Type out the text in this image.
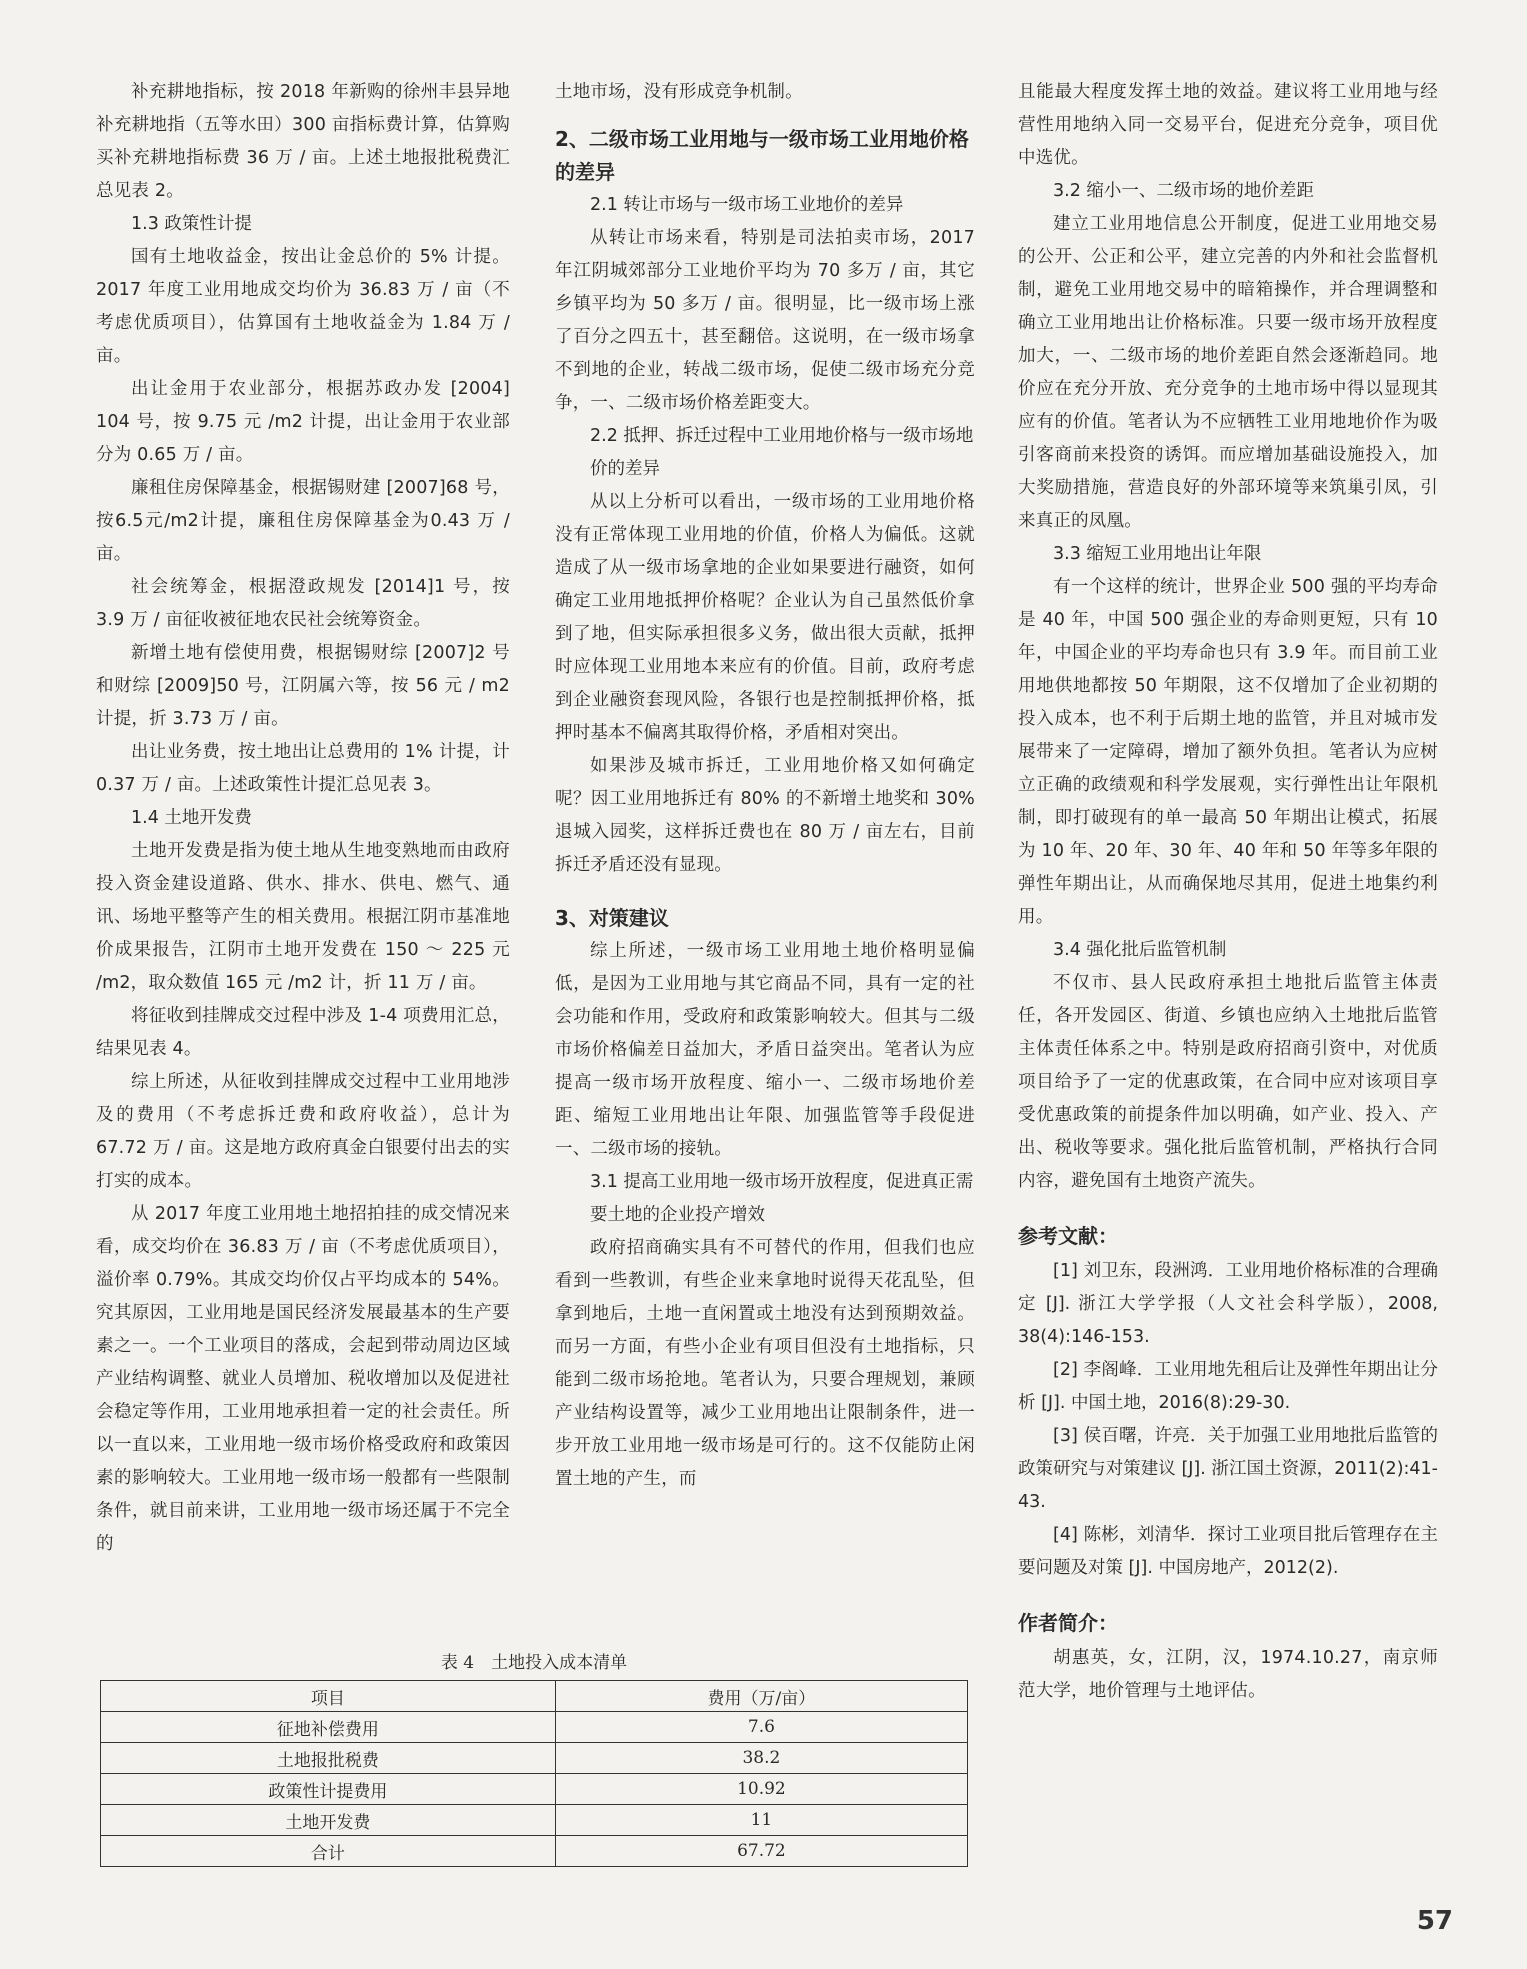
补充耕地指标，按 2018 年新购的徐州丰县异地补充耕地指（五等水田）300 亩指标费计算，估算购买补充耕地指标费 36 万 / 亩。上述土地报批税费汇总见表 2。

1.3 政策性计提

国有土地收益金，按出让金总价的 5% 计提。2017 年度工业用地成交均价为 36.83 万 / 亩（不考虑优质项目），估算国有土地收益金为 1.84 万 / 亩。

出让金用于农业部分，根据苏政办发 [2004] 104 号，按 9.75 元 /m2 计提，出让金用于农业部分为 0.65 万 / 亩。

廉租住房保障基金，根据锡财建 [2007]68 号，按6.5元/m2计提，廉租住房保障基金为0.43 万 / 亩。

社会统筹金，根据澄政规发 [2014]1 号，按 3.9 万 / 亩征收被征地农民社会统筹资金。

新增土地有偿使用费，根据锡财综 [2007]2 号和财综 [2009]50 号，江阴属六等，按 56 元 / m2 计提，折 3.73 万 / 亩。

出让业务费，按土地出让总费用的 1% 计提，计 0.37 万 / 亩。上述政策性计提汇总见表 3。

1.4 土地开发费

土地开发费是指为使土地从生地变熟地而由政府投入资金建设道路、供水、排水、供电、燃气、通讯、场地平整等产生的相关费用。根据江阴市基准地价成果报告，江阴市土地开发费在 150 ～ 225 元 /m2，取众数值 165 元 /m2 计，折 11 万 / 亩。

将征收到挂牌成交过程中涉及 1-4 项费用汇总，结果见表 4。

综上所述，从征收到挂牌成交过程中工业用地涉及的费用（不考虑拆迁费和政府收益），总计为 67.72 万 / 亩。这是地方政府真金白银要付出去的实打实的成本。

从 2017 年度工业用地土地招拍挂的成交情况来看，成交均价在 36.83 万 / 亩（不考虑优质项目），溢价率 0.79%。其成交均价仅占平均成本的 54%。究其原因，工业用地是国民经济发展最基本的生产要素之一。一个工业项目的落成，会起到带动周边区域产业结构调整、就业人员增加、税收增加以及促进社会稳定等作用，工业用地承担着一定的社会责任。所以一直以来，工业用地一级市场价格受政府和政策因素的影响较大。工业用地一级市场一般都有一些限制条件，就目前来讲，工业用地一级市场还属于不完全的

土地市场，没有形成竞争机制。

2、二级市场工业用地与一级市场工业用地价格的差异

2.1 转让市场与一级市场工业地价的差异

从转让市场来看，特别是司法拍卖市场，2017 年江阴城郊部分工业地价平均为 70 多万 / 亩，其它乡镇平均为 50 多万 / 亩。很明显，比一级市场上涨了百分之四五十，甚至翻倍。这说明，在一级市场拿不到地的企业，转战二级市场，促使二级市场充分竞争，一、二级市场价格差距变大。

2.2 抵押、拆迁过程中工业用地价格与一级市场地价的差异

从以上分析可以看出，一级市场的工业用地价格没有正常体现工业用地的价值，价格人为偏低。这就造成了从一级市场拿地的企业如果要进行融资，如何确定工业用地抵押价格呢？企业认为自己虽然低价拿到了地，但实际承担很多义务，做出很大贡献，抵押时应体现工业用地本来应有的价值。目前，政府考虑到企业融资套现风险，各银行也是控制抵押价格，抵押时基本不偏离其取得价格，矛盾相对突出。

如果涉及城市拆迁，工业用地价格又如何确定呢？因工业用地拆迁有 80% 的不新增土地奖和 30% 退城入园奖，这样拆迁费也在 80 万 / 亩左右，目前拆迁矛盾还没有显现。

3、对策建议

综上所述，一级市场工业用地土地价格明显偏低，是因为工业用地与其它商品不同，具有一定的社会功能和作用，受政府和政策影响较大。但其与二级市场价格偏差日益加大，矛盾日益突出。笔者认为应提高一级市场开放程度、缩小一、二级市场地价差距、缩短工业用地出让年限、加强监管等手段促进一、二级市场的接轨。

3.1 提高工业用地一级市场开放程度，促进真正需要土地的企业投产增效

政府招商确实具有不可替代的作用，但我们也应看到一些教训，有些企业来拿地时说得天花乱坠，但拿到地后，土地一直闲置或土地没有达到预期效益。而另一方面，有些小企业有项目但没有土地指标，只能到二级市场抢地。笔者认为，只要合理规划，兼顾产业结构设置等，减少工业用地出让限制条件，进一步开放工业用地一级市场是可行的。这不仅能防止闲置土地的产生，而

且能最大程度发挥土地的效益。建议将工业用地与经营性用地纳入同一交易平台，促进充分竞争，项目优中选优。

3.2 缩小一、二级市场的地价差距

建立工业用地信息公开制度，促进工业用地交易的公开、公正和公平，建立完善的内外和社会监督机制，避免工业用地交易中的暗箱操作，并合理调整和确立工业用地出让价格标准。只要一级市场开放程度加大，一、二级市场的地价差距自然会逐渐趋同。地价应在充分开放、充分竞争的土地市场中得以显现其应有的价值。笔者认为不应牺牲工业用地地价作为吸引客商前来投资的诱饵。而应增加基础设施投入，加大奖励措施，营造良好的外部环境等来筑巢引凤，引来真正的凤凰。

3.3 缩短工业用地出让年限

有一个这样的统计，世界企业 500 强的平均寿命是 40 年，中国 500 强企业的寿命则更短，只有 10 年，中国企业的平均寿命也只有 3.9 年。而目前工业用地供地都按 50 年期限，这不仅增加了企业初期的投入成本，也不利于后期土地的监管，并且对城市发展带来了一定障碍，增加了额外负担。笔者认为应树立正确的政绩观和科学发展观，实行弹性出让年限机制，即打破现有的单一最高 50 年期出让模式，拓展为 10 年、20 年、30 年、40 年和 50 年等多年限的弹性年期出让，从而确保地尽其用，促进土地集约利用。

3.4 强化批后监管机制

不仅市、县人民政府承担土地批后监管主体责任，各开发园区、街道、乡镇也应纳入土地批后监管主体责任体系之中。特别是政府招商引资中，对优质项目给予了一定的优惠政策，在合同中应对该项目享受优惠政策的前提条件加以明确，如产业、投入、产出、税收等要求。强化批后监管机制，严格执行合同内容，避免国有土地资产流失。

参考文献：

[1] 刘卫东，段洲鸿．工业用地价格标准的合理确定 [J]. 浙江大学学报（人文社会科学版），2008, 38(4):146-153.

[2] 李阁峰．工业用地先租后让及弹性年期出让分析 [J]. 中国土地，2016(8):29-30.

[3] 侯百曙，许亮．关于加强工业用地批后监管的政策研究与对策建议 [J]. 浙江国土资源，2011(2):41-43.

[4] 陈彬，刘清华．探讨工业项目批后管理存在主要问题及对策 [J]. 中国房地产，2012(2).

作者简介：

胡惠英，女，江阴，汉，1974.10.27，南京师范大学，地价管理与土地评估。

表 4　土地投入成本清单
项目	费用（万/亩）
征地补偿费用	7.6
土地报批税费	38.2
政策性计提费用	10.92
土地开发费	11
合计	67.72
57
